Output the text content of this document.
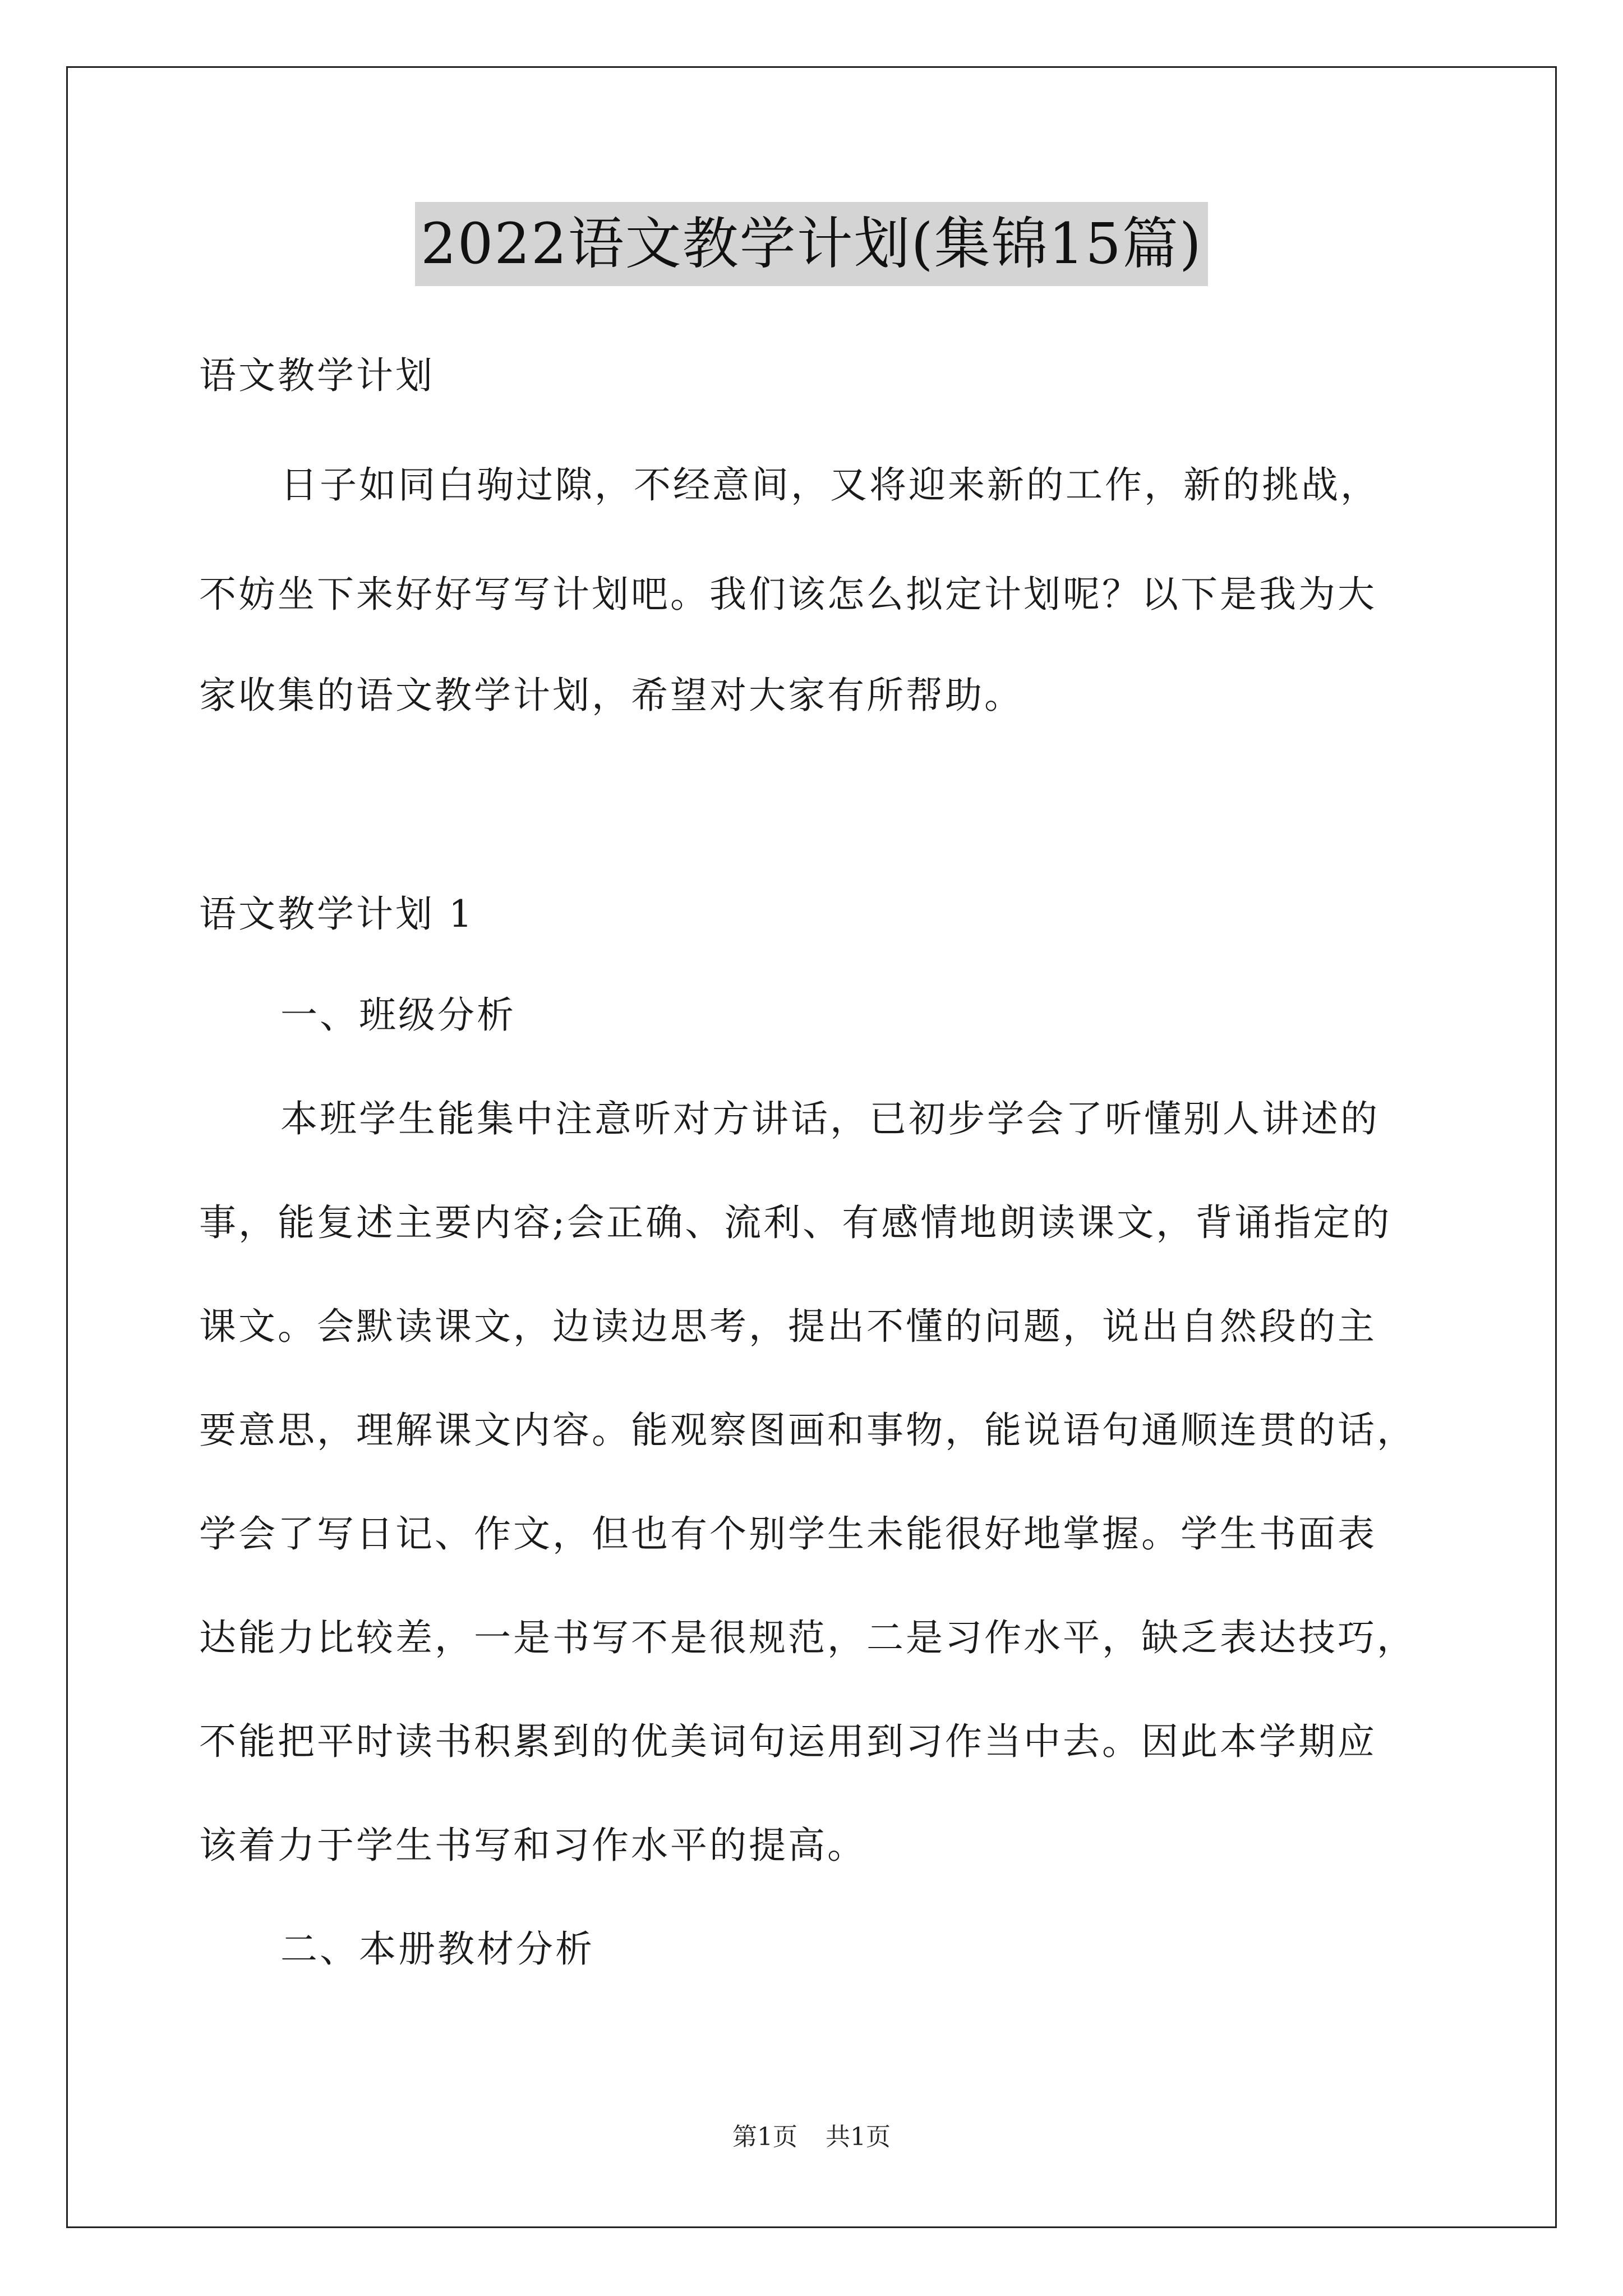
2022语文教学计划(集锦15篇)
语文教学计划
日子如同白驹过隙，不经意间，又将迎来新的工作，新的挑战，
不妨坐下来好好写写计划吧。我们该怎么拟定计划呢？以下是我为大
家收集的语文教学计划，希望对大家有所帮助。
语文教学计划 1
一、班级分析
本班学生能集中注意听对方讲话，已初步学会了听懂别人讲述的
事，能复述主要内容;会正确、流利、有感情地朗读课文，背诵指定的
课文。会默读课文，边读边思考，提出不懂的问题，说出自然段的主
要意思，理解课文内容。能观察图画和事物，能说语句通顺连贯的话，
学会了写日记、作文，但也有个别学生未能很好地掌握。学生书面表
达能力比较差，一是书写不是很规范，二是习作水平，缺乏表达技巧，
不能把平时读书积累到的优美词句运用到习作当中去。因此本学期应
该着力于学生书写和习作水平的提高。
二、本册教材分析
第1页 共1页
